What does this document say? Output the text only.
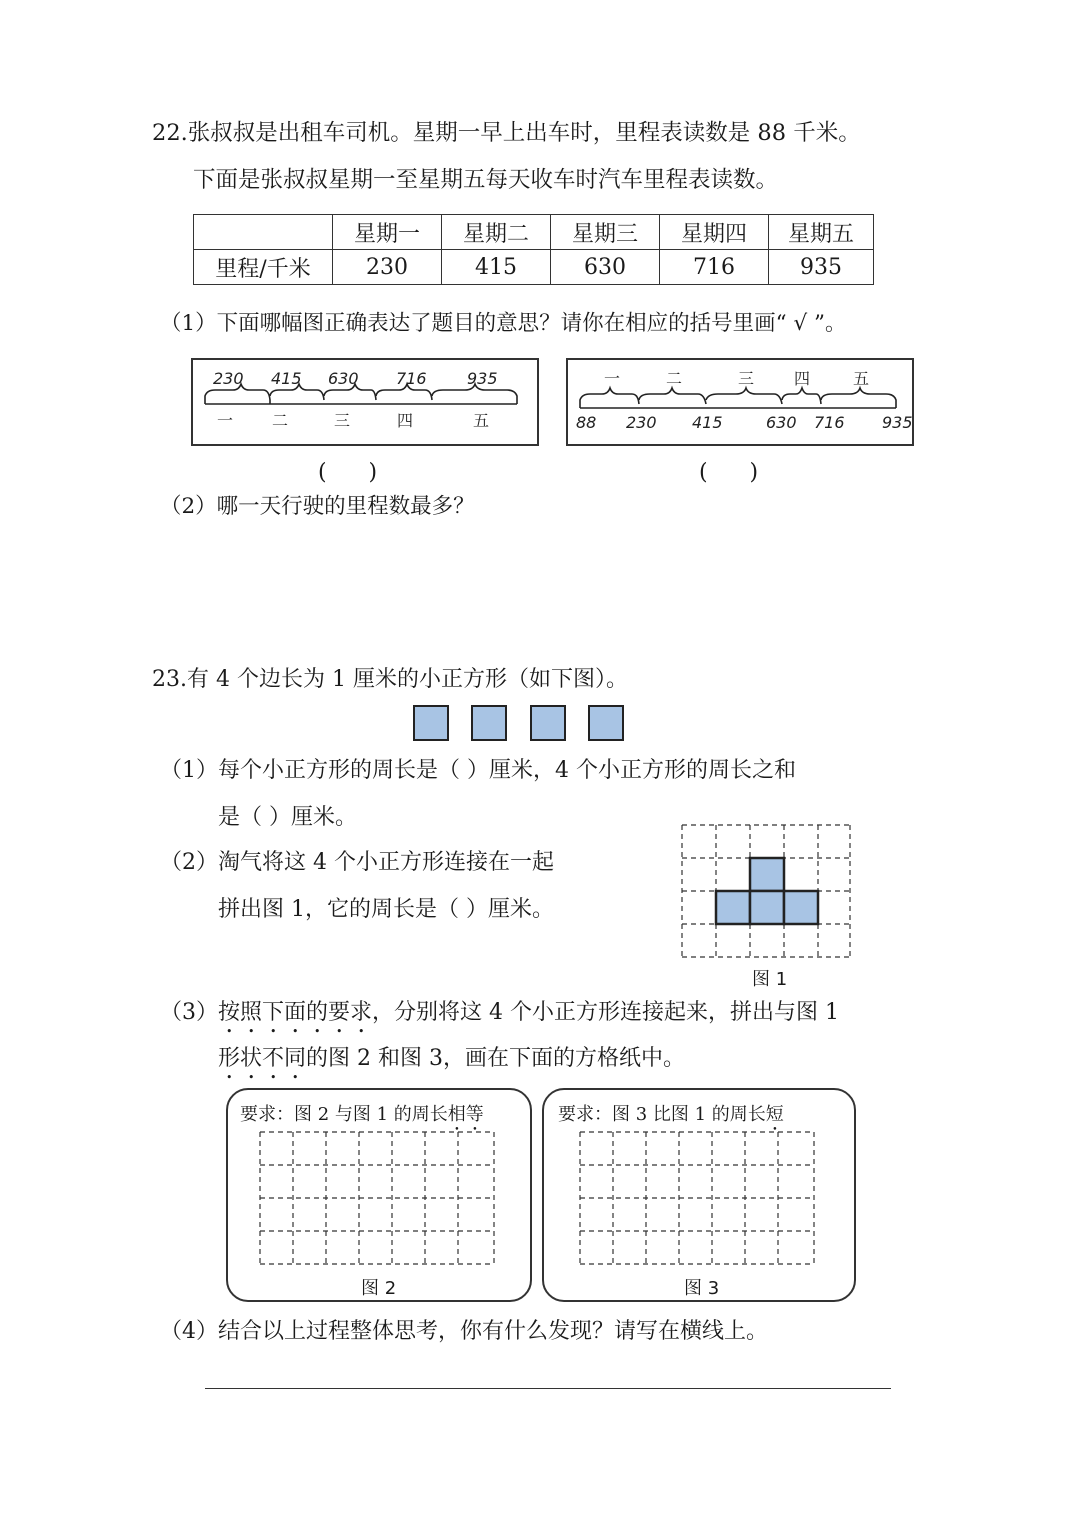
22.张叔叔是出租车司机。星期一早上出车时，里程表读数是 88 千米。
下面是张叔叔星期一至星期五每天收车时汽车里程表读数。
	星期一	星期二	星期三	星期四	星期五
里程/千米	230	415	630	716	935
（1）下面哪幅图正确表达了题目的意思？请你在相应的括号里画“ √ ”。
230 415 630 716	935
一 二	三	四	五
一	二	三 四	五
88 230 415	630 716 935
(      )	(      )
（2）哪一天行驶的里程数最多？
23.有 4 个边长为 1 厘米的小正方形（如下图）。
（1）每个小正方形的周长是（ ）厘米，4 个小正方形的周长之和
是（ ）厘米。
（2）淘气将这 4 个小正方形连接在一起
拼出图 1，它的周长是（ ）厘米。
图 1
（3）按照下面的要求，分别将这 4 个小正方形连接起来，拼出与图 1
形状不同的图 2 和图 3，画在下面的方格纸中。
要求：图 2 与图 1 的周长相等
图 2
要求：图 3 比图 1 的周长短
图 3
（4）结合以上过程整体思考，你有什么发现？请写在横线上。
